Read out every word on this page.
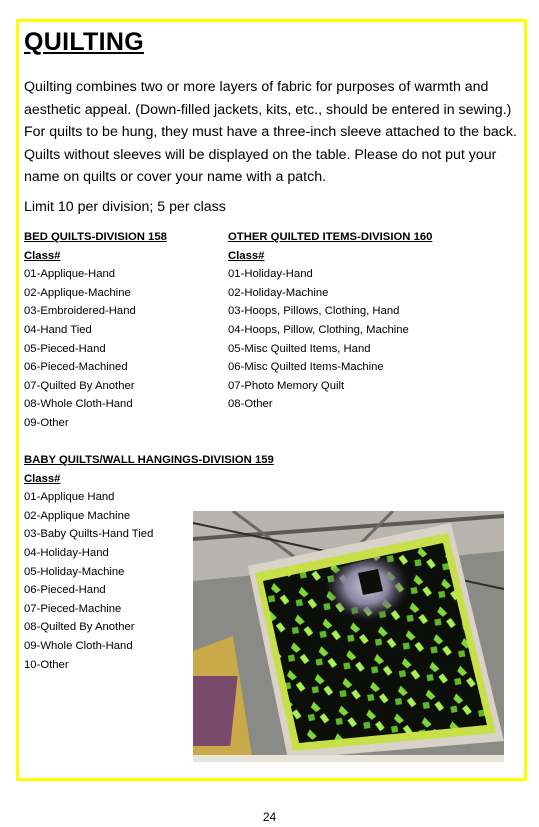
QUILTING

Quilting combines two or more layers of fabric for purposes of warmth and aesthetic appeal. (Down-filled jackets, kits, etc., should be entered in sewing.) For quilts to be hung, they must have a three-inch sleeve attached to the back. Quilts without sleeves will be displayed on the table. Please do not put your name on quilts or cover your name with a patch.

Limit 10 per division; 5 per class

BED QUILTS-DIVISION 158
Class#
01-Applique-Hand
02-Applique-Machine
03-Embroidered-Hand
04-Hand Tied
05-Pieced-Hand
06-Pieced-Machined
07-Quilted By Another
08-Whole Cloth-Hand
09-Other
OTHER QUILTED ITEMS-DIVISION 160
Class#
01-Holiday-Hand
02-Holiday-Machine
03-Hoops, Pillows, Clothing, Hand
04-Hoops, Pillow, Clothing, Machine
05-Misc Quilted Items, Hand
06-Misc Quilted Items-Machine
07-Photo Memory Quilt
08-Other
BABY QUILTS/WALL HANGINGS-DIVISION 159
Class#
01-Applique Hand
02-Applique Machine
03-Baby Quilts-Hand Tied
04-Holiday-Hand
05-Holiday-Machine
06-Pieced-Hand
07-Pieced-Machine
08-Quilted By Another
09-Whole Cloth-Hand
10-Other
24
